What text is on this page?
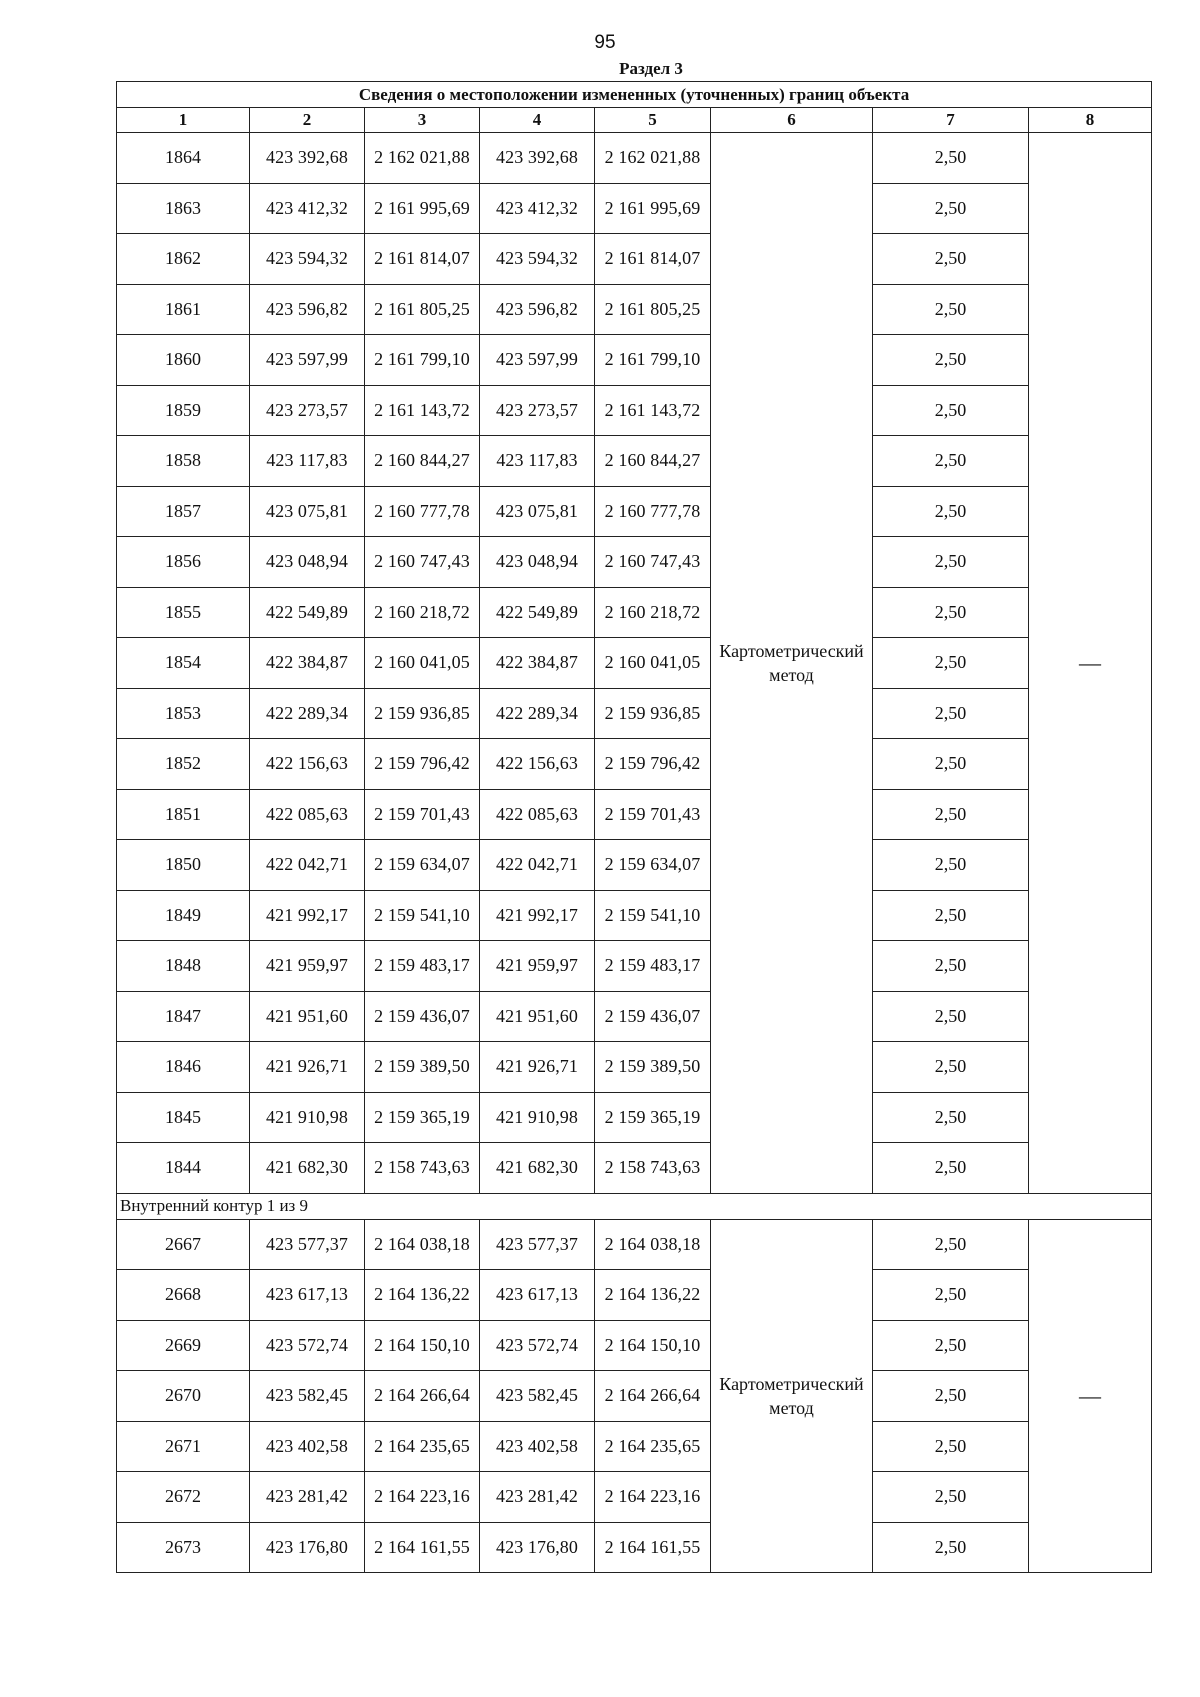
95
Раздел 3
Сведения о местоположении измененных (уточненных) границ объекта							
1	2	3	4	5	6	7	8
1864	423 392,68	2 162 021,88	423 392,68	2 162 021,88	Картометрический метод	2,50	—
1863	423 412,32	2 161 995,69	423 412,32	2 161 995,69		2,50	
1862	423 594,32	2 161 814,07	423 594,32	2 161 814,07		2,50	
1861	423 596,82	2 161 805,25	423 596,82	2 161 805,25		2,50	
1860	423 597,99	2 161 799,10	423 597,99	2 161 799,10		2,50	
1859	423 273,57	2 161 143,72	423 273,57	2 161 143,72		2,50	
1858	423 117,83	2 160 844,27	423 117,83	2 160 844,27		2,50	
1857	423 075,81	2 160 777,78	423 075,81	2 160 777,78		2,50	
1856	423 048,94	2 160 747,43	423 048,94	2 160 747,43		2,50	
1855	422 549,89	2 160 218,72	422 549,89	2 160 218,72		2,50	
1854	422 384,87	2 160 041,05	422 384,87	2 160 041,05		2,50	
1853	422 289,34	2 159 936,85	422 289,34	2 159 936,85		2,50	
1852	422 156,63	2 159 796,42	422 156,63	2 159 796,42		2,50	
1851	422 085,63	2 159 701,43	422 085,63	2 159 701,43		2,50	
1850	422 042,71	2 159 634,07	422 042,71	2 159 634,07		2,50	
1849	421 992,17	2 159 541,10	421 992,17	2 159 541,10		2,50	
1848	421 959,97	2 159 483,17	421 959,97	2 159 483,17		2,50	
1847	421 951,60	2 159 436,07	421 951,60	2 159 436,07		2,50	
1846	421 926,71	2 159 389,50	421 926,71	2 159 389,50		2,50	
1845	421 910,98	2 159 365,19	421 910,98	2 159 365,19		2,50	
1844	421 682,30	2 158 743,63	421 682,30	2 158 743,63		2,50	
Внутренний контур 1 из 9							
2667	423 577,37	2 164 038,18	423 577,37	2 164 038,18	Картометрический метод	2,50	—
2668	423 617,13	2 164 136,22	423 617,13	2 164 136,22		2,50	
2669	423 572,74	2 164 150,10	423 572,74	2 164 150,10		2,50	
2670	423 582,45	2 164 266,64	423 582,45	2 164 266,64		2,50	
2671	423 402,58	2 164 235,65	423 402,58	2 164 235,65		2,50	
2672	423 281,42	2 164 223,16	423 281,42	2 164 223,16		2,50	
2673	423 176,80	2 164 161,55	423 176,80	2 164 161,55		2,50	
